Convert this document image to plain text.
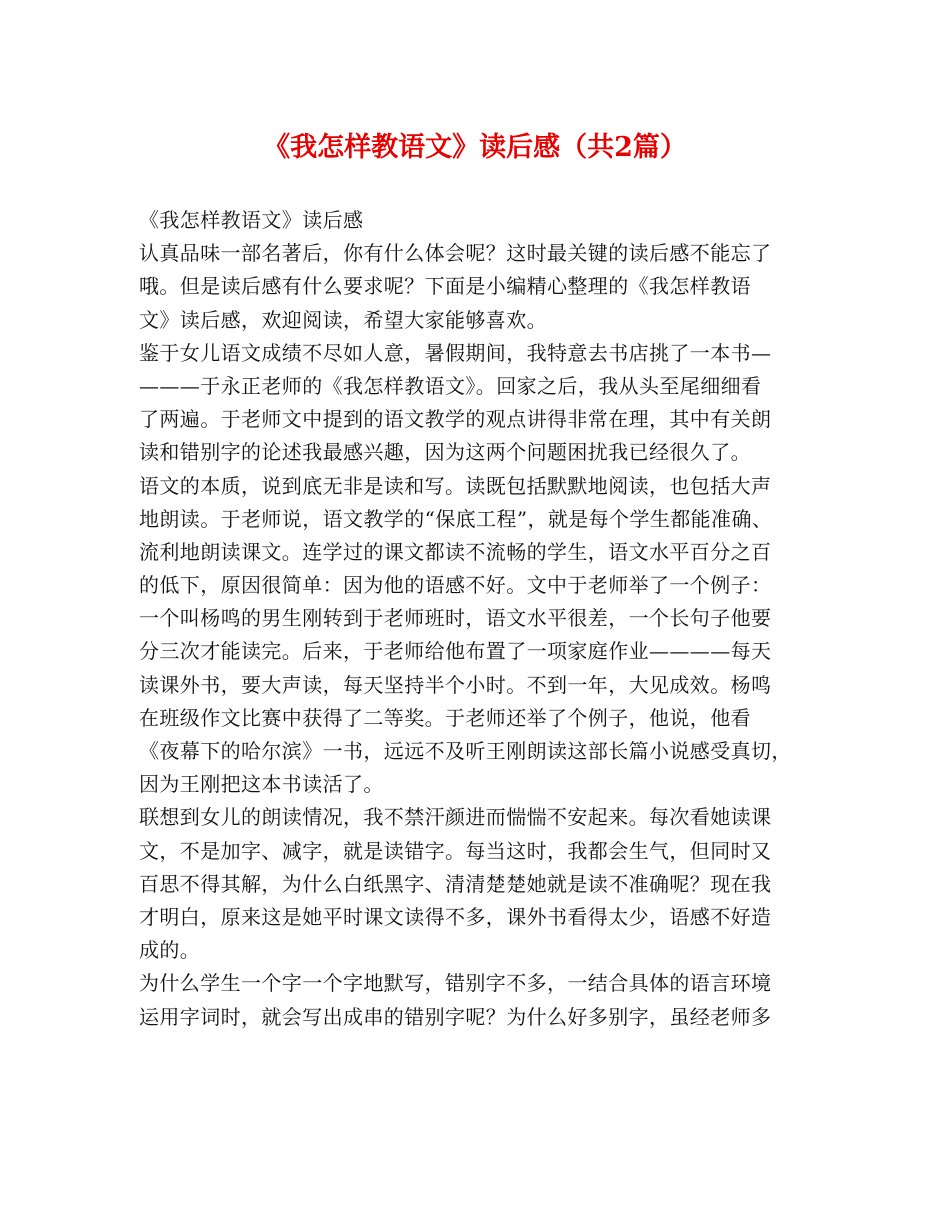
《我怎样教语文》读后感（共2篇）
《我怎样教语文》读后感
认真品味一部名著后，你有什么体会呢？这时最关键的读后感不能忘了
哦。但是读后感有什么要求呢？下面是小编精心整理的《我怎样教语
文》读后感，欢迎阅读，希望大家能够喜欢。
鉴于女儿语文成绩不尽如人意，暑假期间，我特意去书店挑了一本书—
———于永正老师的《我怎样教语文》。回家之后，我从头至尾细细看
了两遍。于老师文中提到的语文教学的观点讲得非常在理，其中有关朗
读和错别字的论述我最感兴趣，因为这两个问题困扰我已经很久了。
语文的本质，说到底无非是读和写。读既包括默默地阅读，也包括大声
地朗读。于老师说，语文教学的“保底工程”，就是每个学生都能准确、
流利地朗读课文。连学过的课文都读不流畅的学生，语文水平百分之百
的低下，原因很简单：因为他的语感不好。文中于老师举了一个例子：
一个叫杨鸣的男生刚转到于老师班时，语文水平很差，一个长句子他要
分三次才能读完。后来，于老师给他布置了一项家庭作业————每天
读课外书，要大声读，每天坚持半个小时。不到一年，大见成效。杨鸣
在班级作文比赛中获得了二等奖。于老师还举了个例子，他说，他看
《夜幕下的哈尔滨》一书，远远不及听王刚朗读这部长篇小说感受真切，
因为王刚把这本书读活了。
联想到女儿的朗读情况，我不禁汗颜进而惴惴不安起来。每次看她读课
文，不是加字、减字，就是读错字。每当这时，我都会生气，但同时又
百思不得其解，为什么白纸黑字、清清楚楚她就是读不准确呢？现在我
才明白，原来这是她平时课文读得不多，课外书看得太少，语感不好造
成的。
为什么学生一个字一个字地默写，错别字不多，一结合具体的语言环境
运用字词时，就会写出成串的错别字呢？为什么好多别字，虽经老师多
